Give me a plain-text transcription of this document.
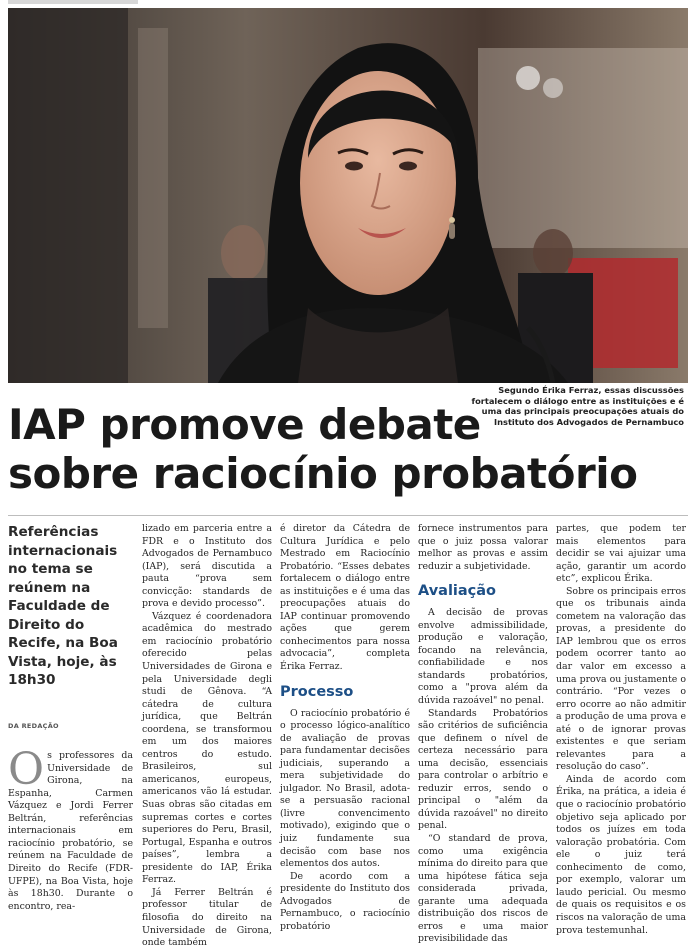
Segundo Érika Ferraz, essas discussões fortalecem o diálogo entre as instituições e é uma das principais preocupações atuais do Instituto dos Advogados de Pernambuco
IAP promove debate
sobre raciocínio probatório

Referências internacionais no tema se reúnem na Faculdade de Direito do Recife, na Boa Vista, hoje, às 18h30

DA REDAÇÃO
O s professores da Universidade de Girona, na Espanha, Carmen Vázquez e Jordi Ferrer Beltrán, referências internacionais em raciocínio probatório, se reúnem na Faculdade de Direito do Recife (FDR-UFPE), na Boa Vista, hoje às 18h30. Durante o encontro, rea-

lizado em parceria entre a FDR e o Instituto dos Advogados de Pernambuco (IAP), será discutida a pauta “prova sem convicção: standards de prova e devido processo”.

Vázquez é coordenadora acadêmica do mestrado em raciocínio probatório oferecido pelas Universidades de Girona e pela Universidade degli studi de Gênova. “A cátedra de cultura jurídica, que Beltrán coordena, se transformou em um dos maiores centros do estudo. Brasileiros, sul americanos, europeus, americanos vão lá estudar. Suas obras são citadas em supremas cortes e cortes superiores do Peru, Brasil, Portugal, Espanha e outros países”, lembra a presidente do IAP, Érika Ferraz.

Já Ferrer Beltrán é professor titular de filosofia do direito na Universidade de Girona, onde também

é diretor da Cátedra de Cultura Jurídica e pelo Mestrado em Raciocínio Probatório. “Esses debates fortalecem o diálogo entre as instituições e é uma das preocupações atuais do IAP continuar promovendo ações que gerem conhecimentos para nossa advocacia”, completa Érika Ferraz.

Processo

O raciocínio probatório é o processo lógico-analítico de avaliação de provas para fundamentar decisões judiciais, superando a mera subjetividade do julgador. No Brasil, adota-se a persuasão racional (livre convencimento motivado), exigindo que o juiz fundamente sua decisão com base nos elementos dos autos.

De acordo com a presidente do Instituto dos Advogados de Pernambuco, o raciocínio probatório

fornece instrumentos para que o juiz possa valorar melhor as provas e assim reduzir a subjetividade.

Avaliação

A decisão de provas envolve admissibilidade, produção e valoração, focando na relevância, confiabilidade e nos standards probatórios, como a "prova além da dúvida razoável" no penal.

Standards Probatórios são critérios de suficiência que definem o nível de certeza necessário para uma decisão, essenciais para controlar o arbítrio e reduzir erros, sendo o principal o "além da dúvida razoável" no direito penal.

“O standard de prova, como uma exigência mínima do direito para que uma hipótese fática seja considerada privada, garante uma adequada distribuição dos riscos de erros e uma maior previsibilidade das

partes, que podem ter mais elementos para decidir se vai ajuizar uma ação, garantir um acordo etc”, explicou Érika.

Sobre os principais erros que os tribunais ainda cometem na valoração das provas, a presidente do IAP lembrou que os erros podem ocorrer tanto ao dar valor em excesso a uma prova ou justamente o contrário. “Por vezes o erro ocorre ao não admitir a produção de uma prova e até o de ignorar provas existentes e que seriam relevantes para a resolução do caso”.

Ainda de acordo com Érika, na prática, a ideia é que o raciocínio probatório objetivo seja aplicado por todos os juízes em toda valoração probatória. Com ele o juiz terá conhecimento de como, por exemplo, valorar um laudo pericial. Ou mesmo de quais os requisitos e os riscos na valoração de uma prova testemunhal.
